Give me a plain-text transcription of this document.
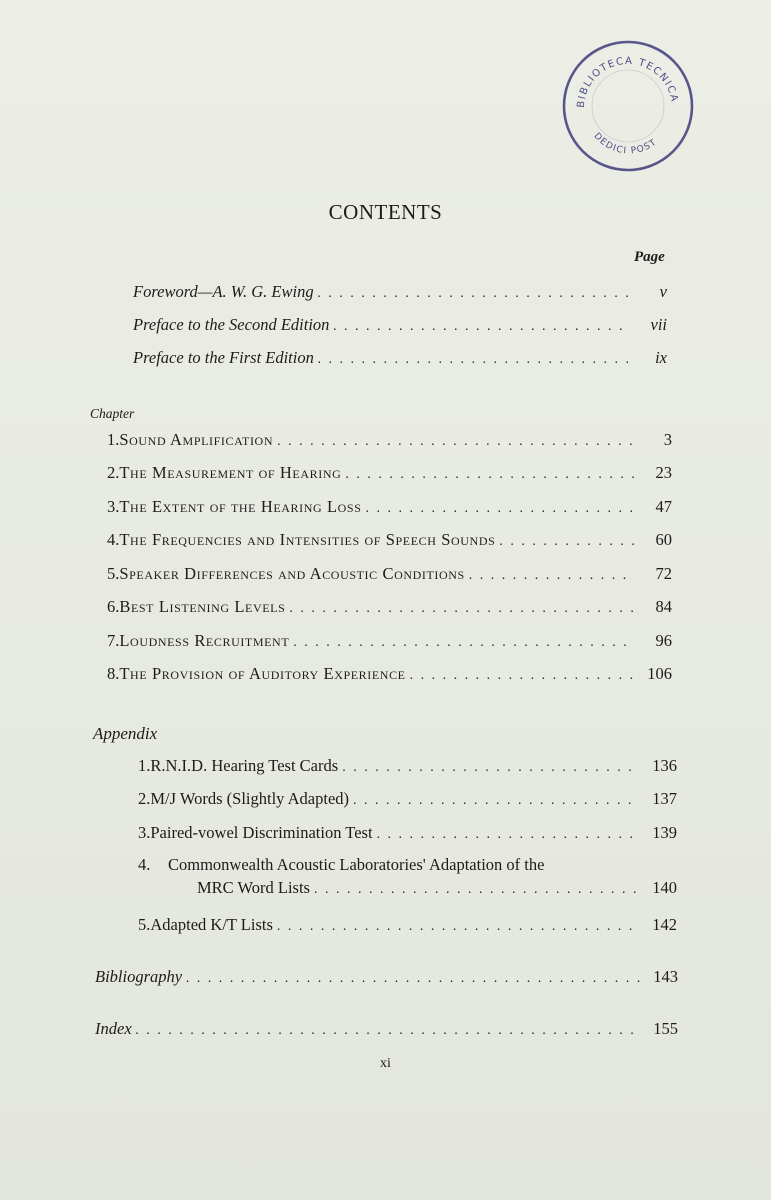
BIBLIOTECA TECNICA
DEDICI POST
CONTENTS
Page
Foreword—A. W. G. Ewing . . .	v
Preface to the Second Edition . . .	vii
Preface to the First Edition . . .	ix
Chapter
1. Sound Amplification . . .	3
2. The Measurement of Hearing . . .	23
3. The Extent of the Hearing Loss . . .	47
4. The Frequencies and Intensities of Speech Sounds . . .	60
5. Speaker Differences and Acoustic Conditions . . .	72
6. Best Listening Levels . . .	84
7. Loudness Recruitment . . .	96
8. The Provision of Auditory Experience . . .	106
Appendix
1. R.N.I.D. Hearing Test Cards . . .	136
2. M/J Words (Slightly Adapted) . . .	137
3. Paired-vowel Discrimination Test . . .	139
4.	Commonwealth Acoustic Laboratories' Adaptation of the
MRC Word Lists . . .	140
5. Adapted K/T Lists . . .	142
Bibliography . . .	143
Index . . .	155
xi
